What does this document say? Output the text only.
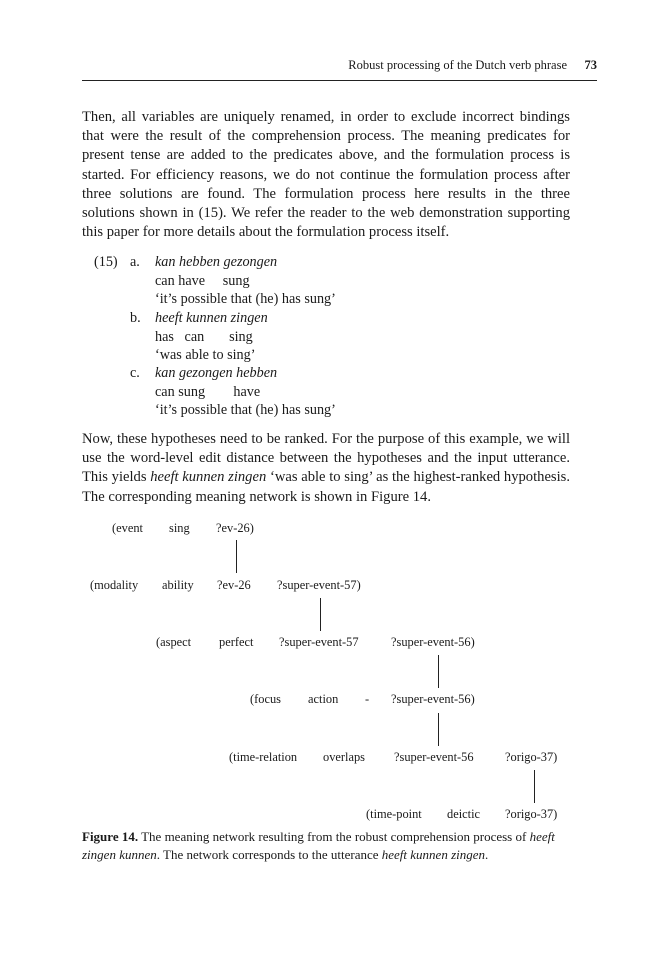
Robust processing of the Dutch verb phrase 73
Then, all variables are uniquely renamed, in order to exclude incorrect bindings that were the result of the comprehension process. The meaning predicates for present tense are added to the predicates above, and the formulation process is started. For efficiency reasons, we do not continue the formulation process after three solutions are found. The formulation process here results in the three solutions shown in (15). We refer the reader to the web demonstration supporting this paper for more details about the formulation process itself.
(15) a. kan hebben gezongen
can have     sung
‘it’s possible that (he) has sung’
b. heeft kunnen zingen
has   can       sing
‘was able to sing’
c. kan gezongen hebben
can sung        have
‘it’s possible that (he) has sung’
Now, these hypotheses need to be ranked. For the purpose of this example, we will use the word-level edit distance between the hypotheses and the input utterance. This yields heeft kunnen zingen ‘was able to sing’ as the highest-ranked hypothesis. The corresponding meaning network is shown in Figure 14.
(event sing ?ev-26)
(modality ability ?ev-26 ?super-event-57)
(aspect perfect ?super-event-57	?super-event-56)
(focus action - ?super-event-56)
(time-relation overlaps ?super-event-56	?origo-37)
(time-point deictic ?origo-37)
Figure 14. The meaning network resulting from the robust comprehension process of heeft zingen kunnen. The network corresponds to the utterance heeft kunnen zingen.
